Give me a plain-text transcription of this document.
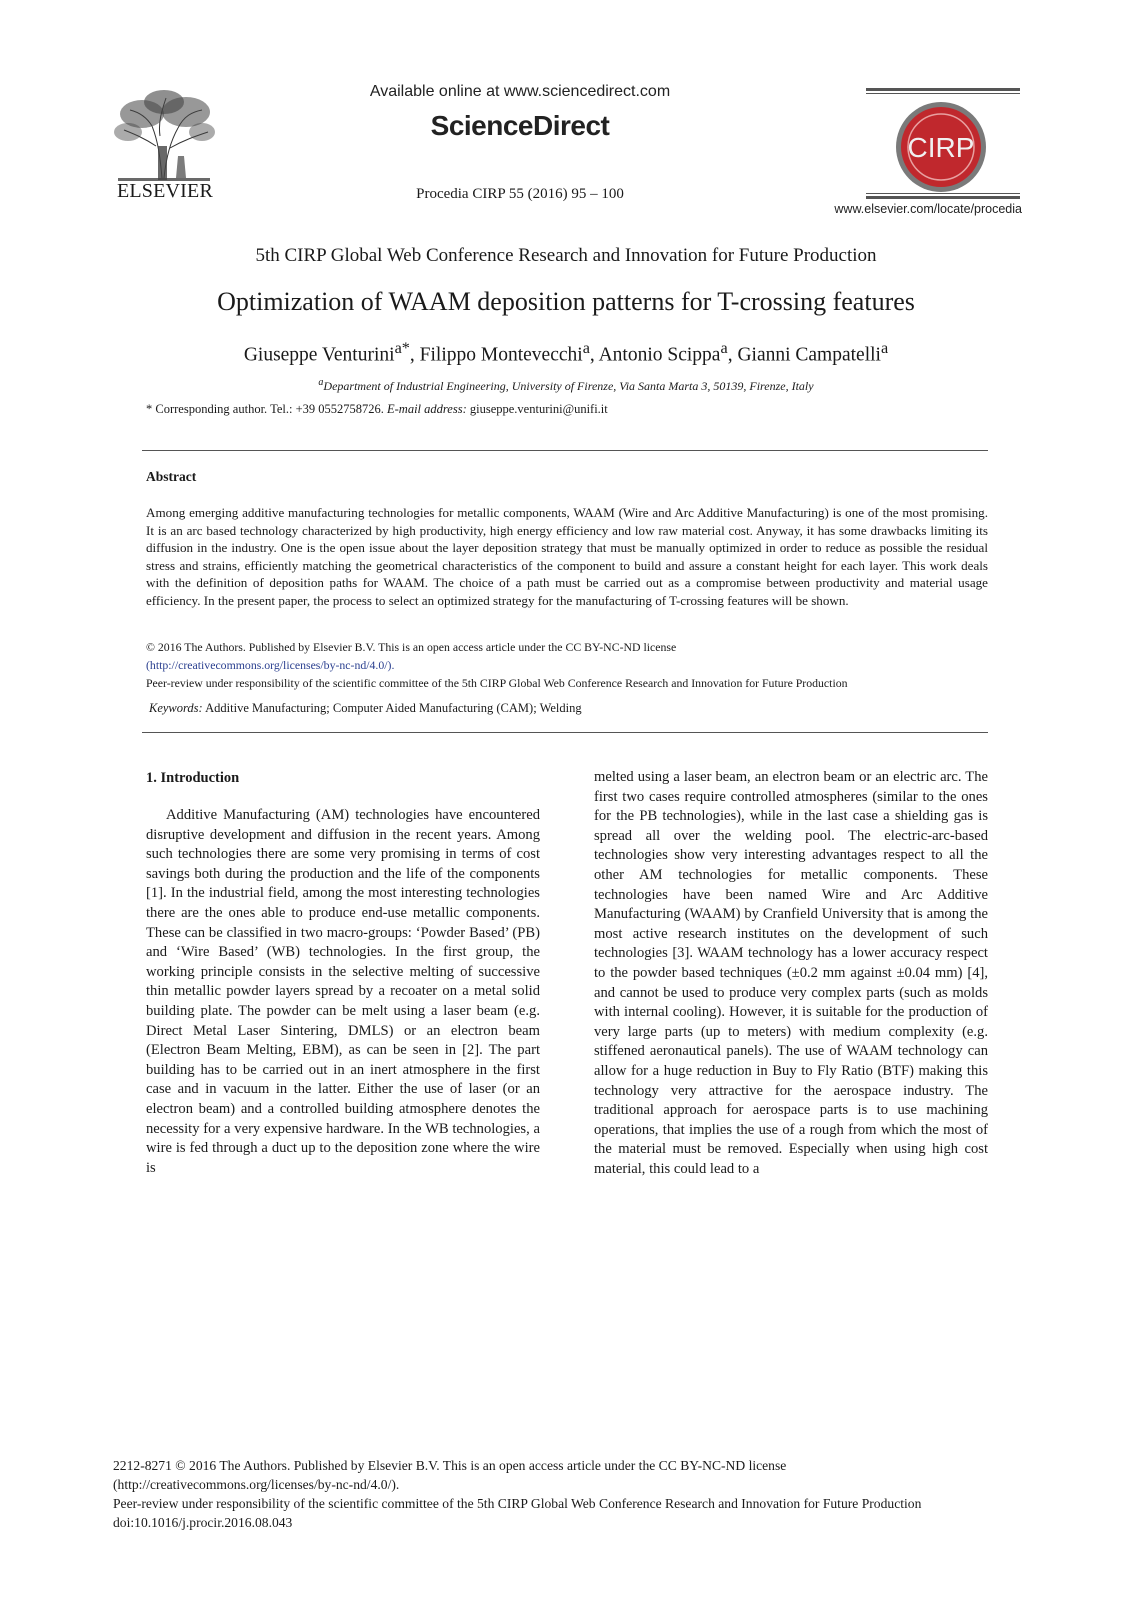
ELSEVIER
Available online at www.sciencedirect.com
ScienceDirect
Procedia CIRP 55 (2016) 95 – 100
CIRP
www.elsevier.com/locate/procedia
5th CIRP Global Web Conference Research and Innovation for Future Production
Optimization of WAAM deposition patterns for T-crossing features
Giuseppe Venturini$^{a*}$, Filippo Montevecchi$^a$, Antonio Scippa$^a$, Gianni Campatelli$^a$
$^a$Department of Industrial Engineering, University of Firenze, Via Santa Marta 3, 50139, Firenze, Italy
* Corresponding author. Tel.: +39 0552758726. E-mail address: giuseppe.venturini@unifi.it
Abstract

Among emerging additive manufacturing technologies for metallic components, WAAM (Wire and Arc Additive Manufacturing) is one of the most promising. It is an arc based technology characterized by high productivity, high energy efficiency and low raw material cost. Anyway, it has some drawbacks limiting its diffusion in the industry. One is the open issue about the layer deposition strategy that must be manually optimized in order to reduce as possible the residual stress and strains, efficiently matching the geometrical characteristics of the component to build and assure a constant height for each layer. This work deals with the definition of deposition paths for WAAM. The choice of a path must be carried out as a compromise between productivity and material usage efficiency. In the present paper, the process to select an optimized strategy for the manufacturing of T-crossing features will be shown.

© 2016 The Authors. Published by Elsevier B.V. This is an open access article under the CC BY-NC-ND license
(http://creativecommons.org/licenses/by-nc-nd/4.0/).
Peer-review under responsibility of the scientific committee of the 5th CIRP Global Web Conference Research and Innovation for Future Production
Keywords: Additive Manufacturing; Computer Aided Manufacturing (CAM); Welding
1. Introduction

Additive Manufacturing (AM) technologies have encountered disruptive development and diffusion in the recent years. Among such technologies there are some very promising in terms of cost savings both during the production and the life of the components [1]. In the industrial field, among the most interesting technologies there are the ones able to produce end-use metallic components. These can be classified in two macro-groups: ‘Powder Based’ (PB) and ‘Wire Based’ (WB) technologies. In the first group, the working principle consists in the selective melting of successive thin metallic powder layers spread by a recoater on a metal solid building plate. The powder can be melt using a laser beam (e.g. Direct Metal Laser Sintering, DMLS) or an electron beam (Electron Beam Melting, EBM), as can be seen in [2]. The part building has to be carried out in an inert atmosphere in the first case and in vacuum in the latter. Either the use of laser (or an electron beam) and a controlled building atmosphere denotes the necessity for a very expensive hardware. In the WB technologies, a wire is fed through a duct up to the deposition zone where the wire is

melted using a laser beam, an electron beam or an electric arc. The first two cases require controlled atmospheres (similar to the ones for the PB technologies), while in the last case a shielding gas is spread all over the welding pool. The electric-arc-based technologies show very interesting advantages respect to all the other AM technologies for metallic components. These technologies have been named Wire and Arc Additive Manufacturing (WAAM) by Cranfield University that is among the most active research institutes on the development of such technologies [3]. WAAM technology has a lower accuracy respect to the powder based techniques (±0.2 mm against ±0.04 mm) [4], and cannot be used to produce very complex parts (such as molds with internal cooling). However, it is suitable for the production of very large parts (up to meters) with medium complexity (e.g. stiffened aeronautical panels). The use of WAAM technology can allow for a huge reduction in Buy to Fly Ratio (BTF) making this technology very attractive for the aerospace industry. The traditional approach for aerospace parts is to use machining operations, that implies the use of a rough from which the most of the material must be removed. Especially when using high cost material, this could lead to a

2212-8271 © 2016 The Authors. Published by Elsevier B.V. This is an open access article under the CC BY-NC-ND license
(http://creativecommons.org/licenses/by-nc-nd/4.0/).
Peer-review under responsibility of the scientific committee of the 5th CIRP Global Web Conference Research and Innovation for Future Production
doi:10.1016/j.procir.2016.08.043
